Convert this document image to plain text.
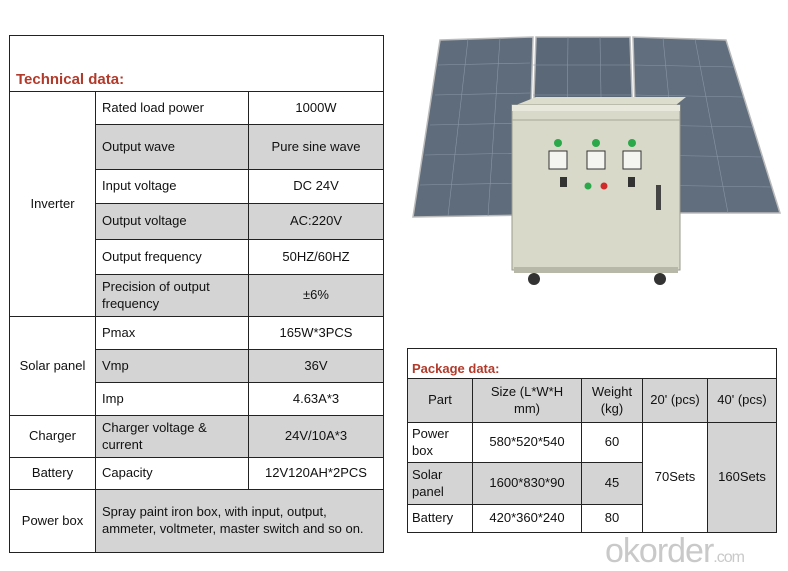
Technical data:		
Inverter	Rated load power	1000W
	Output wave	Pure sine wave
	Input voltage	DC 24V
	Output voltage	AC:220V
	Output frequency	50HZ/60HZ
	Precision of output frequency	±6%
Solar panel	Pmax	165W*3PCS
	Vmp	36V
	Imp	4.63A*3
Charger	Charger voltage & current	24V/10A*3
Battery	Capacity	12V120AH*2PCS
Power box	Spray paint iron box, with input, output, ammeter, voltmeter, master switch and so on.	
Package data:				
Part	Size (L*W*H mm)	Weight (kg)	20' (pcs)	40' (pcs)
Power box	580*520*540	60	70Sets	160Sets
Solar panel	1600*830*90	45		
Battery	420*360*240	80		
okorder.com
